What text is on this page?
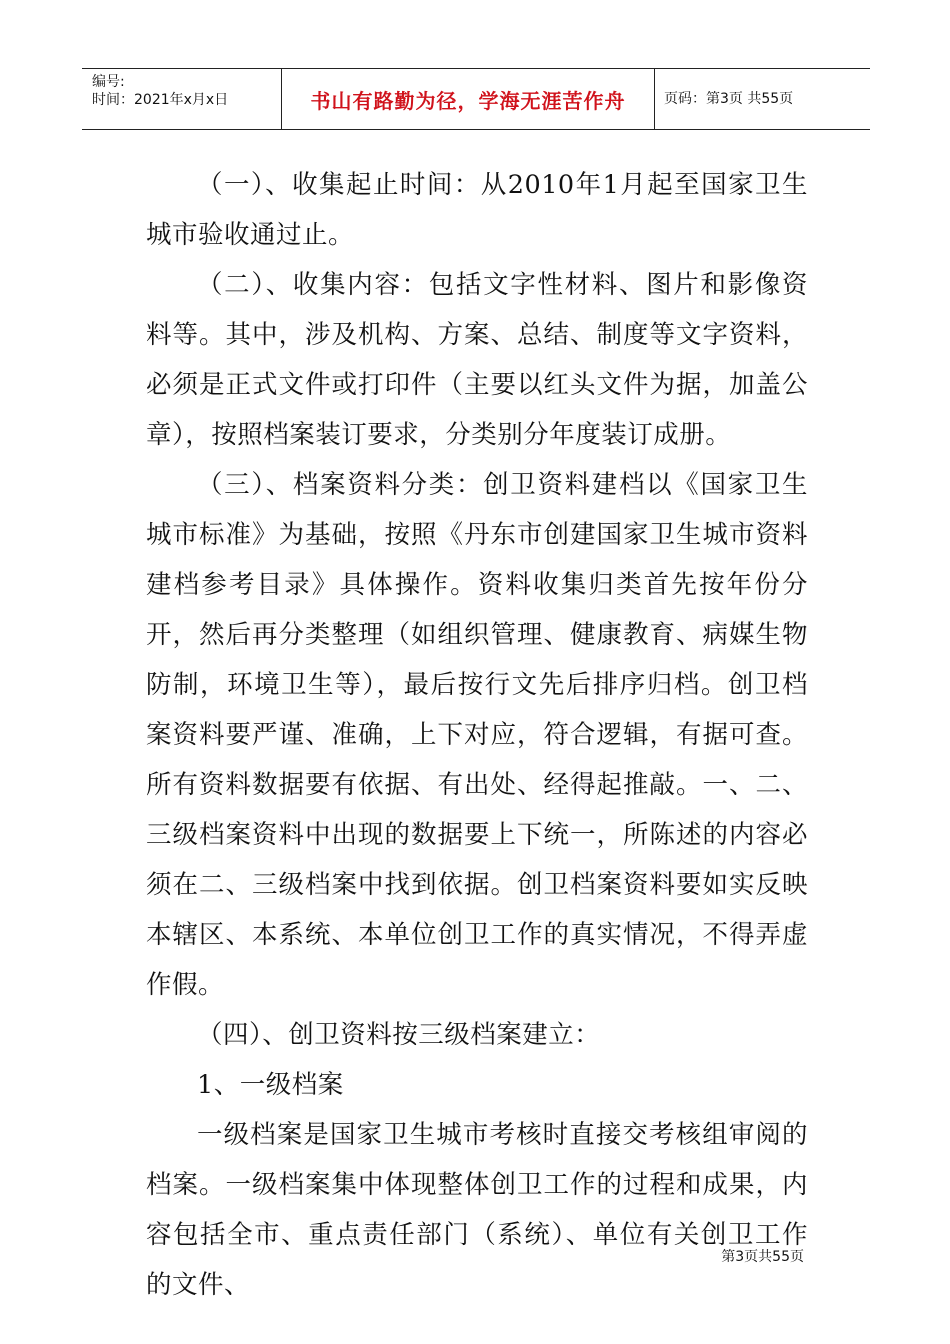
编号:
时间：2021年x月x日	书山有路勤为径，学海无涯苦作舟	页码：第3页 共55页

（一）、收集起止时间：从2010年1月起至国家卫生城市验收通过止。

（二）、收集内容：包括文字性材料、图片和影像资料等。其中，涉及机构、方案、总结、制度等文字资料，必须是正式文件或打印件（主要以红头文件为据，加盖公章），按照档案装订要求，分类别分年度装订成册。

（三）、档案资料分类：创卫资料建档以《国家卫生城市标准》为基础，按照《丹东市创建国家卫生城市资料建档参考目录》具体操作。资料收集归类首先按年份分开，然后再分类整理（如组织管理、健康教育、病媒生物防制，环境卫生等），最后按行文先后排序归档。创卫档案资料要严谨、准确，上下对应，符合逻辑，有据可查。所有资料数据要有依据、有出处、经得起推敲。一、二、三级档案资料中出现的数据要上下统一，所陈述的内容必须在二、三级档案中找到依据。创卫档案资料要如实反映本辖区、本系统、本单位创卫工作的真实情况，不得弄虚作假。

（四）、创卫资料按三级档案建立：

1、一级档案

一级档案是国家卫生城市考核时直接交考核组审阅的档案。一级档案集中体现整体创卫工作的过程和成果，内容包括全市、重点责任部门（系统）、单位有关创卫工作的文件、

第3页共55页
